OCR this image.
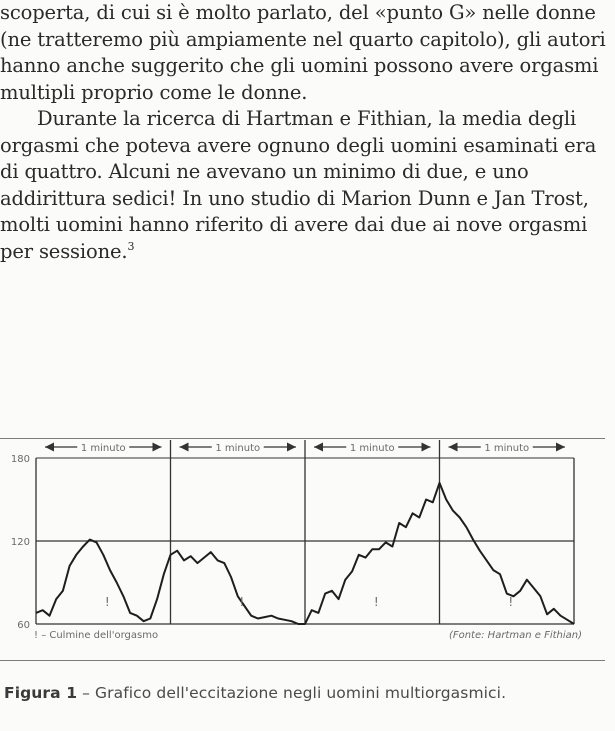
scoperta, di cui si è molto parlato, del «punto G» nelle donne (ne tratteremo più ampiamente nel quarto capitolo), gli autori hanno anche suggerito che gli uomini possono avere orgasmi multipli proprio come le donne.

Durante la ricerca di Hartman e Fithian, la media degli orgasmi che poteva avere ognuno degli uomini esaminati era di quattro. Alcuni ne avevano un minimo di due, e uno addirittura sedici! In uno studio di Marion Dunn e Jan Trost, molti uomini hanno riferito di avere dai due ai nove orgasmi per sessione.$^3$

1 minuto	1 minuto	1 minuto	1 minuto
180
120
60
!	!	!	!
! – Culmine dell'orgasmo	(Fonte: Hartman e Fithian)
Figura 1 – Grafico dell'eccitazione negli uomini multiorgasmici.
